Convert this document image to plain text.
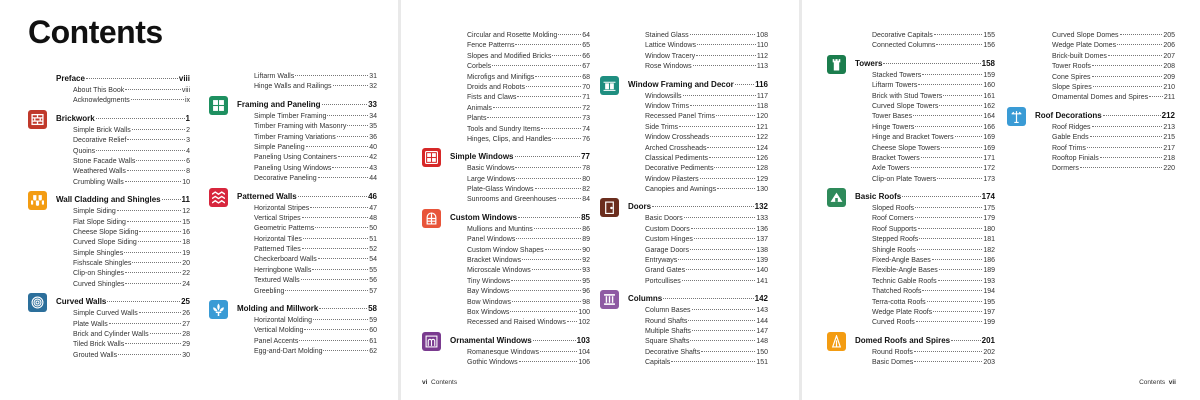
Contents
Preface	viii
About This Book	viii
Acknowledgments	ix
Brickwork	1
Simple Brick Walls	2
Decorative Relief	3
Quoins	4
Stone Facade Walls	6
Weathered Walls	8
Crumbling Walls	10
Wall Cladding and Shingles	11
Simple Siding	12
Flat Slope Siding	15
Cheese Slope Siding	16
Curved Slope Siding	18
Simple Shingles	19
Fishscale Shingles	20
Clip-on Shingles	22
Curved Shingles	24
Curved Walls	25
Simple Curved Walls	26
Plate Walls	27
Brick and Cylinder Walls	28
Tiled Brick Walls	29
Grouted Walls	30
Liftarm Walls	31
Hinge Walls and Railings	32
Framing and Paneling	33
Simple Timber Framing	34
Timber Framing with Masonry	35
Timber Framing Variations	36
Simple Paneling	40
Paneling Using Containers	42
Paneling Using Windows	43
Decorative Paneling	44
Patterned Walls	46
Horizontal Stripes	47
Vertical Stripes	48
Geometric Patterns	50
Horizontal Tiles	51
Patterned Tiles	52
Checkerboard Walls	54
Herringbone Walls	55
Textured Walls	56
Greebling	57
Molding and Millwork	58
Horizontal Molding	59
Vertical Molding	60
Panel Accents	61
Egg-and-Dart Molding	62
Circular and Rosette Molding	64
Fence Patterns	65
Slopes and Modified Bricks	66
Corbels	67
Microfigs and Minifigs	68
Droids and Robots	70
Fists and Claws	71
Animals	72
Plants	73
Tools and Sundry Items	74
Hinges, Clips, and Handles	76
Simple Windows	77
Basic Windows	78
Large Windows	80
Plate-Glass Windows	82
Sunrooms and Greenhouses	84
Custom Windows	85
Mullions and Muntins	86
Panel Windows	89
Custom Window Shapes	90
Bracket Windows	92
Microscale Windows	93
Tiny Windows	95
Bay Windows	96
Bow Windows	98
Box Windows	100
Recessed and Raised Windows 102
Ornamental Windows	103
Romanesque Windows	104
Gothic Windows	106
Stained Glass	108
Lattice Windows	110
Window Tracery	112
Rose Windows	113
Window Framing and Decor	116
Windowsills	117
Window Trims	118
Recessed Panel Trims	120
Side Trims	121
Window Crossheads	122
Arched Crossheads	124
Classical Pediments	126
Decorative Pediments	128
Window Pilasters	129
Canopies and Awnings	130
Doors	132
Basic Doors	133
Custom Doors	136
Custom Hinges	137
Garage Doors	138
Entryways	139
Grand Gates	140
Portcullises	141
Columns	142
Column Bases	143
Round Shafts	144
Multiple Shafts	147
Square Shafts	148
Decorative Shafts	150
Capitals	151
vi Contents
Decorative Capitals	155
Connected Columns	156
Towers	158
Stacked Towers	159
Liftarm Towers	160
Brick with Stud Towers	161
Curved Slope Towers	162
Tower Bases	164
Hinge Towers	166
Hinge and Bracket Towers	169
Cheese Slope Towers	169
Bracket Towers	171
Axle Towers	172
Clip-on Plate Towers	173
Basic Roofs	174
Sloped Roofs	175
Roof Corners	179
Roof Supports	180
Stepped Roofs	181
Shingle Roofs	182
Fixed-Angle Bases	186
Flexible-Angle Bases	189
Technic Gable Roofs	193
Thatched Roofs	194
Terra-cotta Roofs	195
Wedge Plate Roofs	197
Curved Roofs	199
Domed Roofs and Spires	201
Round Roofs	202
Basic Domes	203
Curved Slope Domes	205
Wedge Plate Domes	206
Brick-built Domes	207
Tower Roofs	208
Cone Spires	209
Slope Spires	210
Ornamental Domes and Spires 211
Roof Decorations	212
Roof Ridges	213
Gable Ends	215
Roof Trims	217
Rooftop Finials	218
Dormers	220
Contents vii
